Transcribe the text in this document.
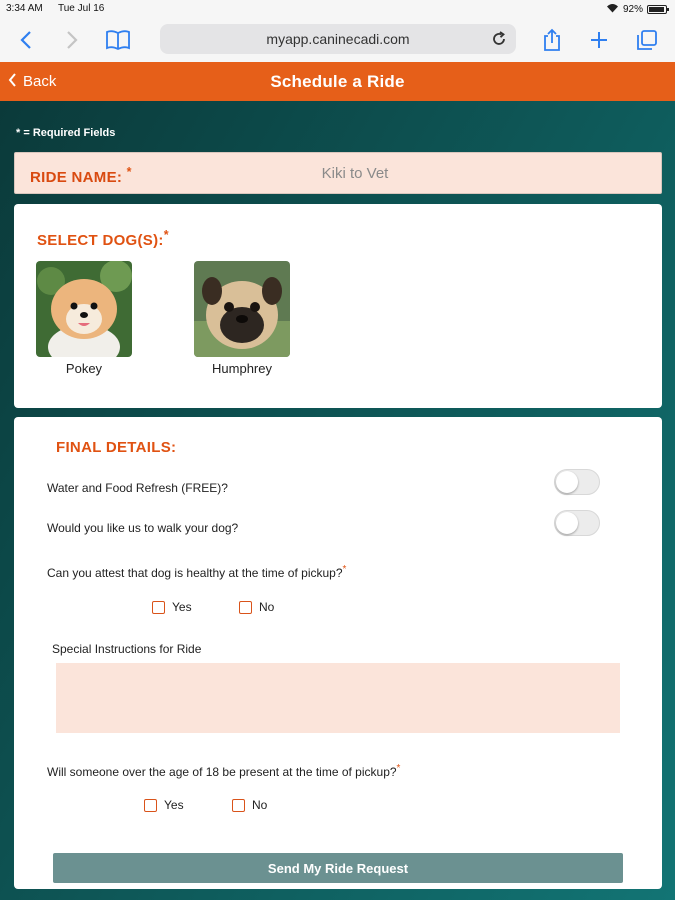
3:34 AM Tue Jul 16	92%
myapp.caninecadi.com
Back	Schedule a Ride
* = Required Fields
RIDE NAME: *
Kiki to Vet
SELECT DOG(S):*
Pokey	Humphrey
FINAL DETAILS:
Water and Food Refresh (FREE)?
Would you like us to walk your dog?
Can you attest that dog is healthy at the time of pickup?*
Yes	No
Special Instructions for Ride
Will someone over the age of 18 be present at the time of pickup?*
Yes	No
Send My Ride Request
